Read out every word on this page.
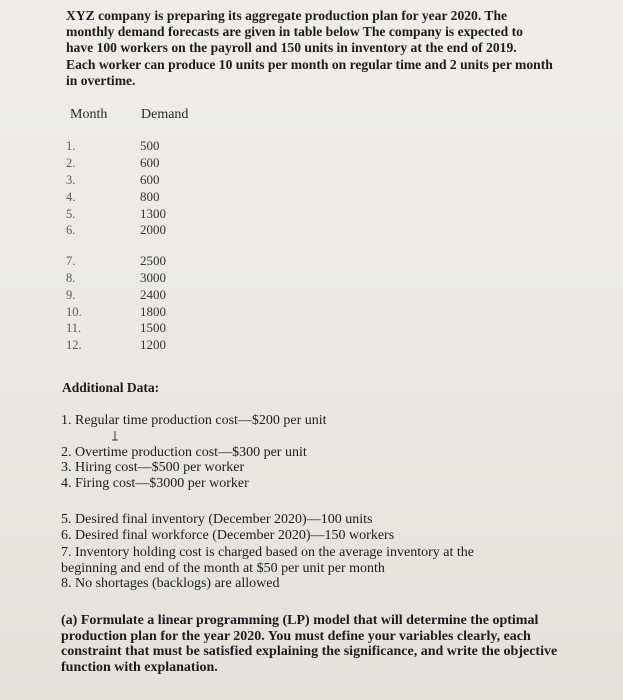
XYZ company is preparing its aggregate production plan for year 2020. The
monthly demand forecasts are given in table below The company is expected to
have 100 workers on the payroll and 150 units in inventory at the end of 2019.
Each worker can produce 10 units per month on regular time and 2 units per month
in overtime.
Month Demand
1.
2.
3.
4.
5.
6.
7.
8.
9.
10.
11.
12.
500
600
600
800
1300
2000
2500
3000
2400
1800
1500
1200
Additional Data:
1. Regular time production cost—$200 per unit
2. Overtime production cost—$300 per unit
3. Hiring cost—$500 per worker
4. Firing cost—$3000 per worker
5. Desired final inventory (December 2020)—100 units
6. Desired final workforce (December 2020)—150 workers
7. Inventory holding cost is charged based on the average inventory at the
beginning and end of the month at $50 per unit per month
8. No shortages (backlogs) are allowed
(a) Formulate a linear programming (LP) model that will determine the optimal
production plan for the year 2020. You must define your variables clearly, each
constraint that must be satisfied explaining the significance, and write the objective
function with explanation.
